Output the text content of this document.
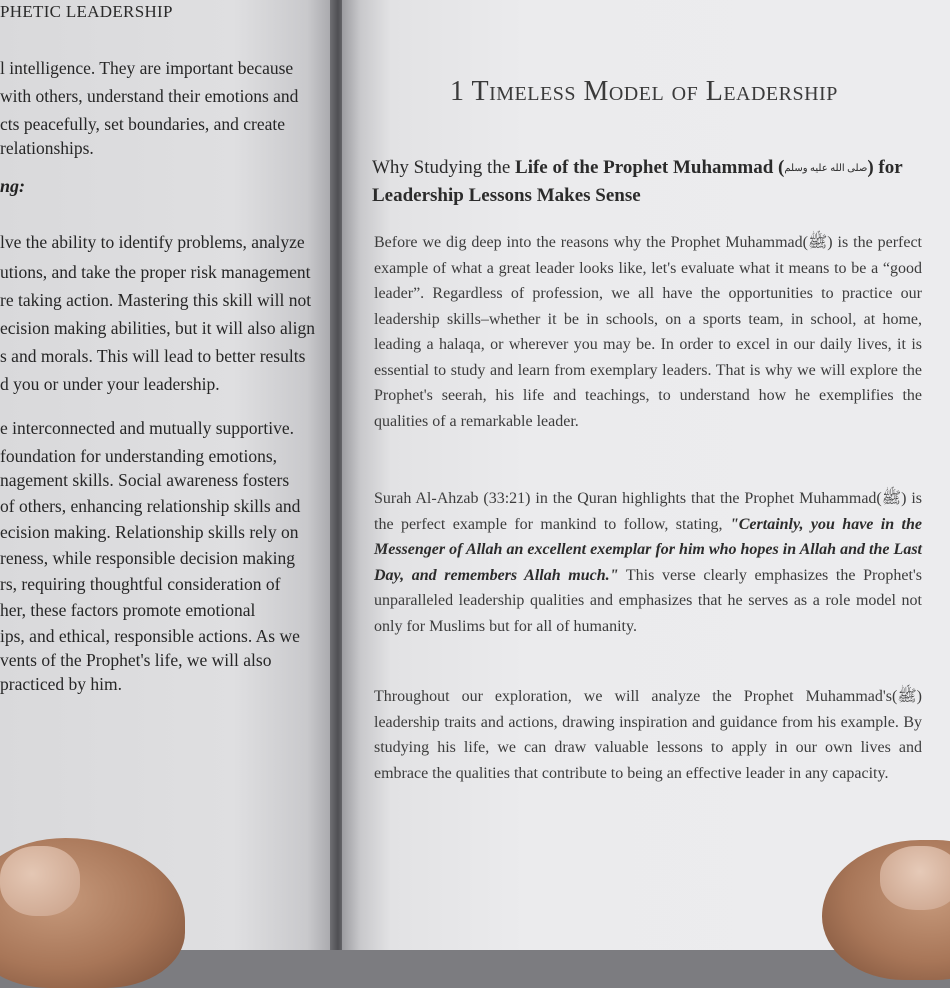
PHETIC LEADERSHIP

l intelligence. They are important because

with others, understand their emotions and

cts peacefully, set boundaries, and create

relationships.

ng:

lve the ability to identify problems, analyze

utions, and take the proper risk management

re taking action. Mastering this skill will not

ecision making abilities, but it will also align

s and morals. This will lead to better results

d you or under your leadership.

e interconnected and mutually supportive.

foundation for understanding emotions,

nagement skills. Social awareness fosters

of others, enhancing relationship skills and

ecision making. Relationship skills rely on

reness, while responsible decision making

rs, requiring thoughtful consideration of

her, these factors promote emotional

ips, and ethical, responsible actions. As we

vents of the Prophet's life, we will also

practiced by him.

1 Timeless Model of Leadership
Why Studying the Life of the Prophet Muhammad (صلى الله عليه وسلم) for Leadership Lessons Makes Sense

Before we dig deep into the reasons why the Prophet Muhammad(ﷺ) is the perfect example of what a great leader looks like, let's evaluate what it means to be a “good leader”. Regardless of profession, we all have the opportunities to practice our leadership skills–whether it be in schools, on a sports team, in school, at home, leading a halaqa, or wherever you may be. In order to excel in our daily lives, it is essential to study and learn from exemplary leaders. That is why we will explore the Prophet's seerah, his life and teachings, to understand how he exemplifies the qualities of a remarkable leader.

Surah Al-Ahzab (33:21) in the Quran highlights that the Prophet Muhammad(ﷺ) is the perfect example for mankind to follow, stating, "Certainly, you have in the Messenger of Allah an excellent exemplar for him who hopes in Allah and the Last Day, and remembers Allah much." This verse clearly emphasizes the Prophet's unparalleled leadership qualities and emphasizes that he serves as a role model not only for Muslims but for all of humanity.

Throughout our exploration, we will analyze the Prophet Muhammad's(ﷺ) leadership traits and actions, drawing inspiration and guidance from his example. By studying his life, we can draw valuable lessons to apply in our own lives and embrace the qualities that contribute to being an effective leader in any capacity.
